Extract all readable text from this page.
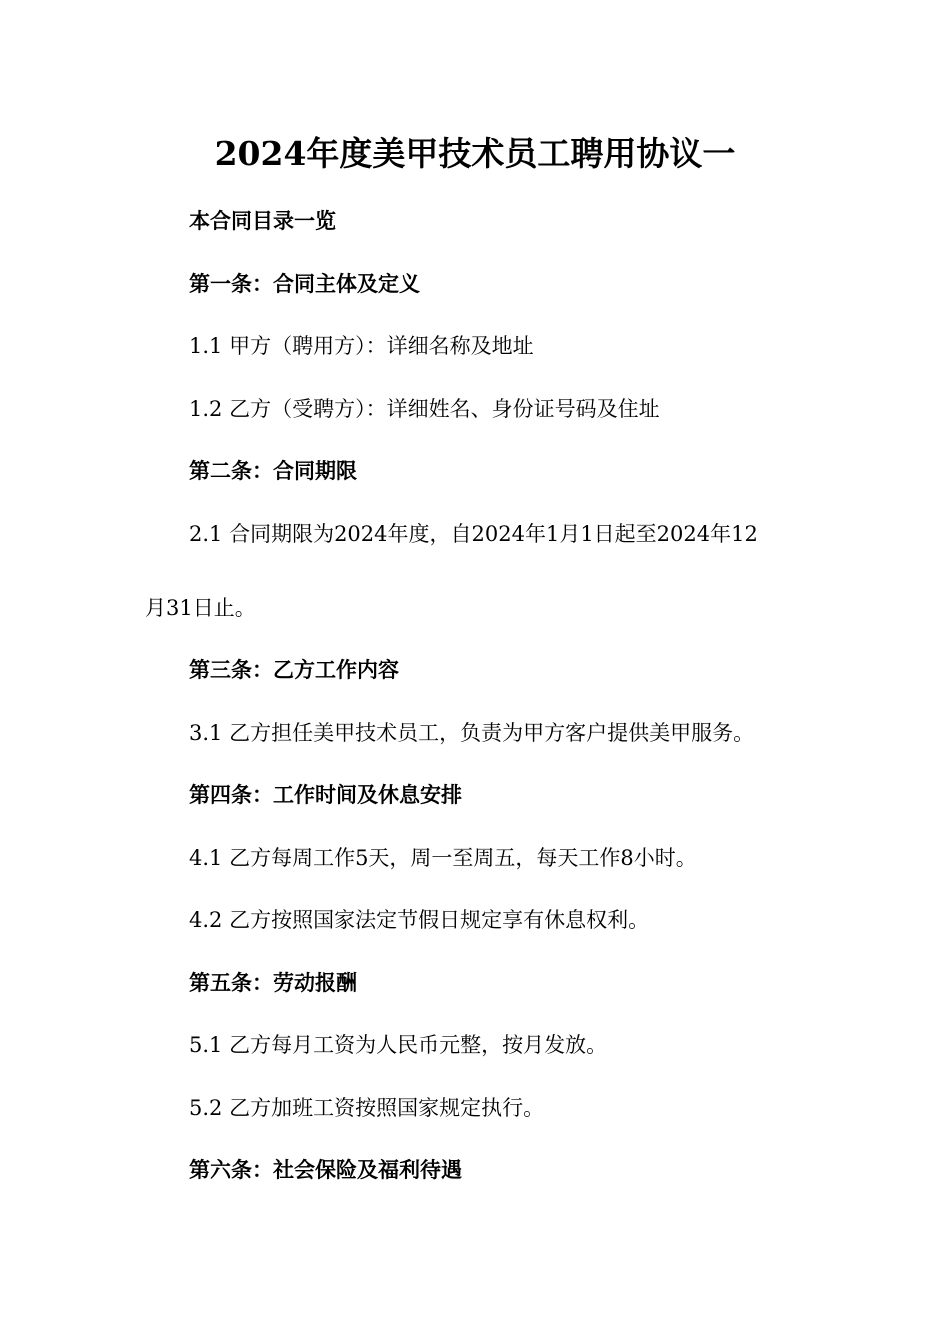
2024年度美甲技术员工聘用协议一
本合同目录一览
第一条：合同主体及定义
1.1 甲方（聘用方）：详细名称及地址
1.2 乙方（受聘方）：详细姓名、身份证号码及住址
第二条：合同期限
2.1 合同期限为2024年度，自2024年1月1日起至2024年12
月31日止。
第三条：乙方工作内容
3.1 乙方担任美甲技术员工，负责为甲方客户提供美甲服务。
第四条：工作时间及休息安排
4.1 乙方每周工作5天，周一至周五，每天工作8小时。
4.2 乙方按照国家法定节假日规定享有休息权利。
第五条：劳动报酬
5.1 乙方每月工资为人民币元整，按月发放。
5.2 乙方加班工资按照国家规定执行。
第六条：社会保险及福利待遇
